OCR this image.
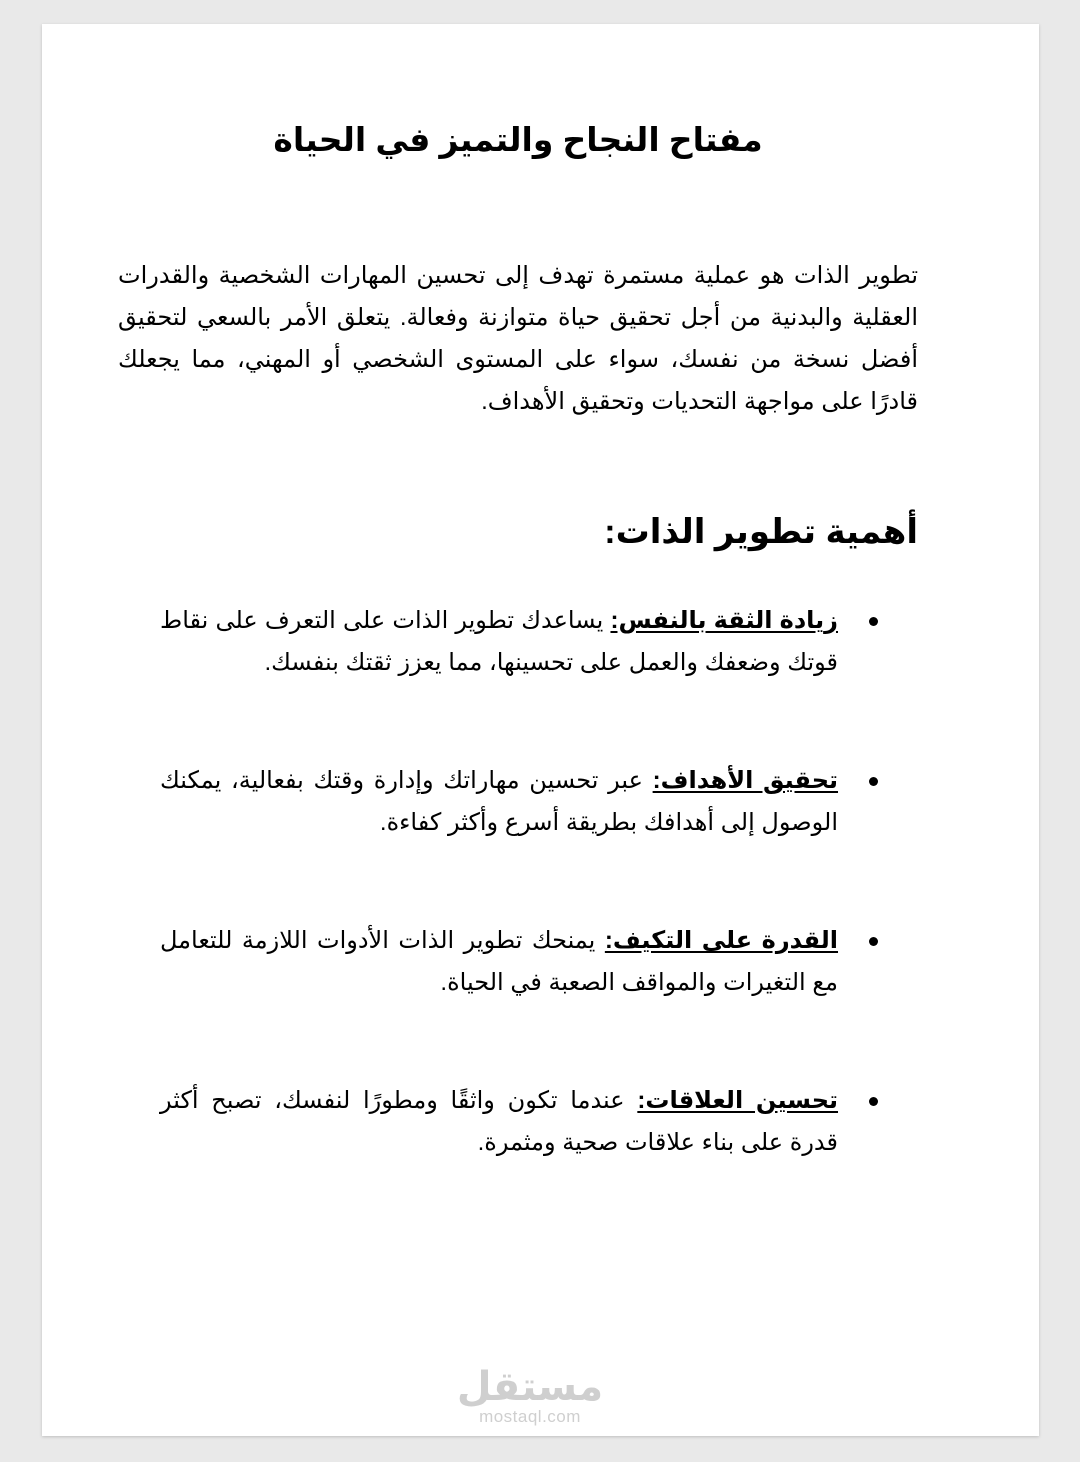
مفتاح النجاح والتميز في الحياة
تطوير الذات هو عملية مستمرة تهدف إلى تحسين المهارات الشخصية والقدرات العقلية والبدنية من أجل تحقيق حياة متوازنة وفعالة. يتعلق الأمر بالسعي لتحقيق أفضل نسخة من نفسك، سواء على المستوى الشخصي أو المهني، مما يجعلك قادرًا على مواجهة التحديات وتحقيق الأهداف.
أهمية تطوير الذات:
زيادة الثقة بالنفس: يساعدك تطوير الذات على التعرف على نقاط قوتك وضعفك والعمل على تحسينها، مما يعزز ثقتك بنفسك.
تحقيق الأهداف: عبر تحسين مهاراتك وإدارة وقتك بفعالية، يمكنك الوصول إلى أهدافك بطريقة أسرع وأكثر كفاءة.
القدرة على التكيف: يمنحك تطوير الذات الأدوات اللازمة للتعامل مع التغيرات والمواقف الصعبة في الحياة.
تحسين العلاقات: عندما تكون واثقًا ومطورًا لنفسك، تصبح أكثر قدرة على بناء علاقات صحية ومثمرة.
مستقل
mostaql.com
